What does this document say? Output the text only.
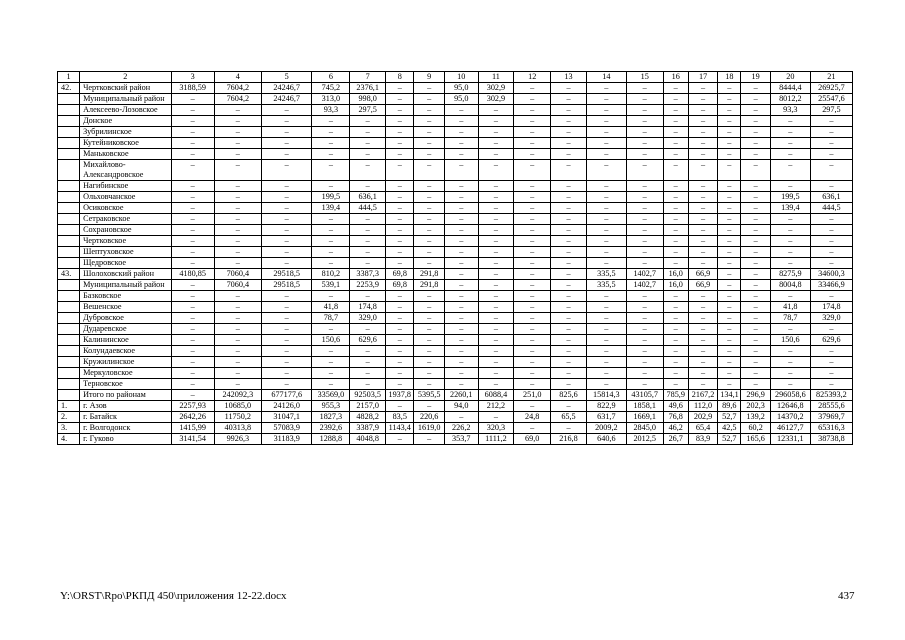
1	2	3	4	5	6	7	8	9	10	11	12	13	14	15	16	17	18	19	20	21
42.	Чертковский район	3188,59	7604,2	24246,7	745,2	2376,1	–	–	95,0	302,9	–	–	–	–	–	–	–	–	8444,4	26925,7
	Муниципальный район	–	7604,2	24246,7	313,0	998,0	–	–	95,0	302,9	–	–	–	–	–	–	–	–	8012,2	25547,6
	Алексеево-Лозовское	–	–	–	93,3	297,5	–	–	–	–	–	–	–	–	–	–	–	–	93,3	297,5
	Донское	–	–	–	–	–	–	–	–	–	–	–	–	–	–	–	–	–	–	–
	Зубрилинское	–	–	–	–	–	–	–	–	–	–	–	–	–	–	–	–	–	–	–
	Кутейниковское	–	–	–	–	–	–	–	–	–	–	–	–	–	–	–	–	–	–	–
	Маньковское	–	–	–	–	–	–	–	–	–	–	–	–	–	–	–	–	–	–	–
	Михайлово-Александровское	–	–	–	–	–	–	–	–	–	–	–	–	–	–	–	–	–	–	–
	Нагибинское	–	–	–	–	–	–	–	–	–	–	–	–	–	–	–	–	–	–	–
	Ольховчанское	–	–	–	199,5	636,1	–	–	–	–	–	–	–	–	–	–	–	–	199,5	636,1
	Осиковское	–	–	–	139,4	444,5	–	–	–	–	–	–	–	–	–	–	–	–	139,4	444,5
	Сетраковское	–	–	–	–	–	–	–	–	–	–	–	–	–	–	–	–	–	–	–
	Сохрановское	–	–	–	–	–	–	–	–	–	–	–	–	–	–	–	–	–	–	–
	Чертковское	–	–	–	–	–	–	–	–	–	–	–	–	–	–	–	–	–	–	–
	Шептуховское	–	–	–	–	–	–	–	–	–	–	–	–	–	–	–	–	–	–	–
	Щедровское	–	–	–	–	–	–	–	–	–	–	–	–	–	–	–	–	–	–	–
43.	Шолоховский район	4180,85	7060,4	29518,5	810,2	3387,3	69,8	291,8	–	–	–	–	335,5	1402,7	16,0	66,9	–	–	8275,9	34600,3
	Муниципальный район	–	7060,4	29518,5	539,1	2253,9	69,8	291,8	–	–	–	–	335,5	1402,7	16,0	66,9	–	–	8004,8	33466,9
	Базковское	–	–	–	–	–	–	–	–	–	–	–	–	–	–	–	–	–	–	–
	Вешенское	–	–	–	41,8	174,8	–	–	–	–	–	–	–	–	–	–	–	–	41,8	174,8
	Дубровское	–	–	–	78,7	329,0	–	–	–	–	–	–	–	–	–	–	–	–	78,7	329,0
	Дударевское	–	–	–	–	–	–	–	–	–	–	–	–	–	–	–	–	–	–	–
	Калининское	–	–	–	150,6	629,6	–	–	–	–	–	–	–	–	–	–	–	–	150,6	629,6
	Колундаевское	–	–	–	–	–	–	–	–	–	–	–	–	–	–	–	–	–	–	–
	Кружилинское	–	–	–	–	–	–	–	–	–	–	–	–	–	–	–	–	–	–	–
	Меркуловское	–	–	–	–	–	–	–	–	–	–	–	–	–	–	–	–	–	–	–
	Терновское	–	–	–	–	–	–	–	–	–	–	–	–	–	–	–	–	–	–	–
	Итого по районам	–	242092,3	677177,6	33569,0	92503,5	1937,8	5395,5	2260,1	6088,4	251,0	825,6	15814,3	43105,7	785,9	2167,2	134,1	296,9	296058,6	825393,2
1.	г. Азов	2257,93	10685,0	24126,0	955,3	2157,0	–	–	94,0	212,2	–	–	822,9	1858,1	49,6	112,0	89,6	202,3	12646,8	28555,6
2.	г. Батайск	2642,26	11750,2	31047,1	1827,3	4828,2	83,5	220,6	–	–	24,8	65,5	631,7	1669,1	76,8	202,9	52,7	139,2	14370,2	37969,7
3.	г. Волгодонск	1415,99	40313,8	57083,9	2392,6	3387,9	1143,4	1619,0	226,2	320,3	–	–	2009,2	2845,0	46,2	65,4	42,5	60,2	46127,7	65316,3
4.	г. Гуково	3141,54	9926,3	31183,9	1288,8	4048,8	–	–	353,7	1111,2	69,0	216,8	640,6	2012,5	26,7	83,9	52,7	165,6	12331,1	38738,8
Y:\ORST\Rpo\РКПД 450\приложения 12-22.docx	437
